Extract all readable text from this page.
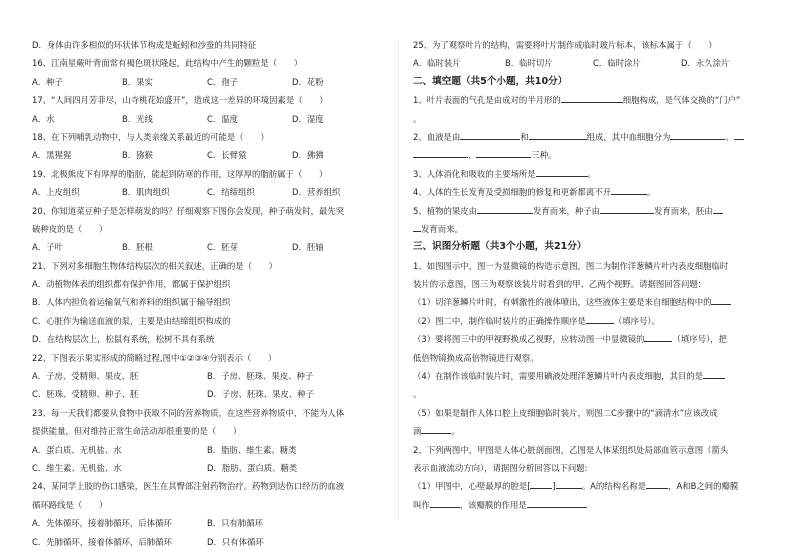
D．身体由许多相似的环状体节构成是蚯蚓和沙蚕的共同特征
16、江南星蕨叶背面常有褐色斑状隆起，此结构中产生的颗粒是（　　）
A．种子	B．果实	C．孢子	D．花粉
17、“人间四月芳菲尽，山寺桃花始盛开”，造成这一差异的环境因素是（　　）
A．水	B．光线	C．温度	D．湿度
18、在下列哺乳动物中，与人类亲缘关系最近的可能是（　　）
A．黑猩猩	B．猕猴	C．长臂猿	D．狒狒
19、北极熊皮下有厚厚的脂肪，能起到防寒的作用，这厚厚的脂肪属于（　　）
A．上皮组织	B．肌肉组织	C．结缔组织	D．营养组织
20、你知道菜豆种子是怎样萌发的吗？仔细观察下图你会发现，种子萌发时，最先突
破种皮的是（　　）
A．子叶	B．胚根	C．胚芽	D．胚轴
21、下列对多细胞生物体结构层次的相关叙述，正确的是（　　）
A．动植物体表的组织都有保护作用，都属于保护组织
B．人体内担负着运输氧气和养料的组织属于输导组织
C．心脏作为输送血液的泵，主要是由结缔组织构成的
D．在结构层次上，松鼠有系统，松树不具有系统
22、下图表示果实形成的简略过程,图中①②③④分别表示（　　）
A．子房、受精卵、果皮、胚	B．子房、胚珠、果皮、种子
C．胚珠、受精卵、种子、胚	D．子房、胚珠、果皮、种子
23、每一天我们都要从食物中获取不同的营养物质，在这些营养物质中，不能为人体
提供能量，但对维持正常生命活动却很重要的是（　　）
A．蛋白质、无机盐、水	B．脂肪、维生素、糖类
C．维生素、无机盐、水	D．脂肪、蛋白质、糖类
24、某同学上肢的伤口感染，医生在其臀部注射药物治疗。药物到达伤口经历的血液
循环路线是（　　）
A．先体循环，接着肺循环，后体循环	B．只有肺循环
C．先肺循环，接着体循环，后肺循环	D．只有体循环
25、为了观察叶片的结构，需要将叶片制作成临时玻片标本，该标本属于（　　）
A．临时装片	B．临时切片	C．临时涂片	D．永久涂片
二、填空题（共5个小题，共10分）
1、叶片表面的气孔是由成对的半月形的	细胞构成，是气体交换的“门户”
。
2、血液是由	和	组成，其中血细胞分为	、
、	三种。
3、人体消化和吸收的主要场所是	。
4、人体的生长发育及受损细胞的修复和更新都离不开	。
5、植物的果皮由	发育而来，种子由	发育而来，胚由
发育而来。
三、识图分析题（共3个小题，共21分）
1、如图图示中，图一为显微镜的构造示意图，图二为制作洋葱鳞片叶内表皮细胞临时
装片的示意图，图三为观察该装片时看到的甲、乙两个视野。请据图回答问题：
（1）切洋葱鳞片叶时，有刺激性的液体喷出，这些液体主要是来自细胞结构中的
（2）图二中，制作临时装片的正确操作顺序是	（填序号）。
（3）要将图三中的甲视野换成乙视野，应转动图一中显微镜的	（填序号），把
低倍物镜换成高倍物镜进行观察。
（4）在制作该临时装片时，需要用碘液处理洋葱鳞片叶内表皮细胞，其目的是
。
（5）如果是制作人体口腔上皮细胞临时装片，则图二C步骤中的“滴清水”应该改成
滴	。
2、下列两图中，甲图是人体心脏剖面图，乙图是人体某组织处局部血管示意图（箭头
表示血液流动方向），请据图分析回答以下问题:
（1）甲图中，心壁最厚的腔是[	]	。A的结构名称是	，A和B之间的瓣膜
叫作	，该瓣膜的作用是
